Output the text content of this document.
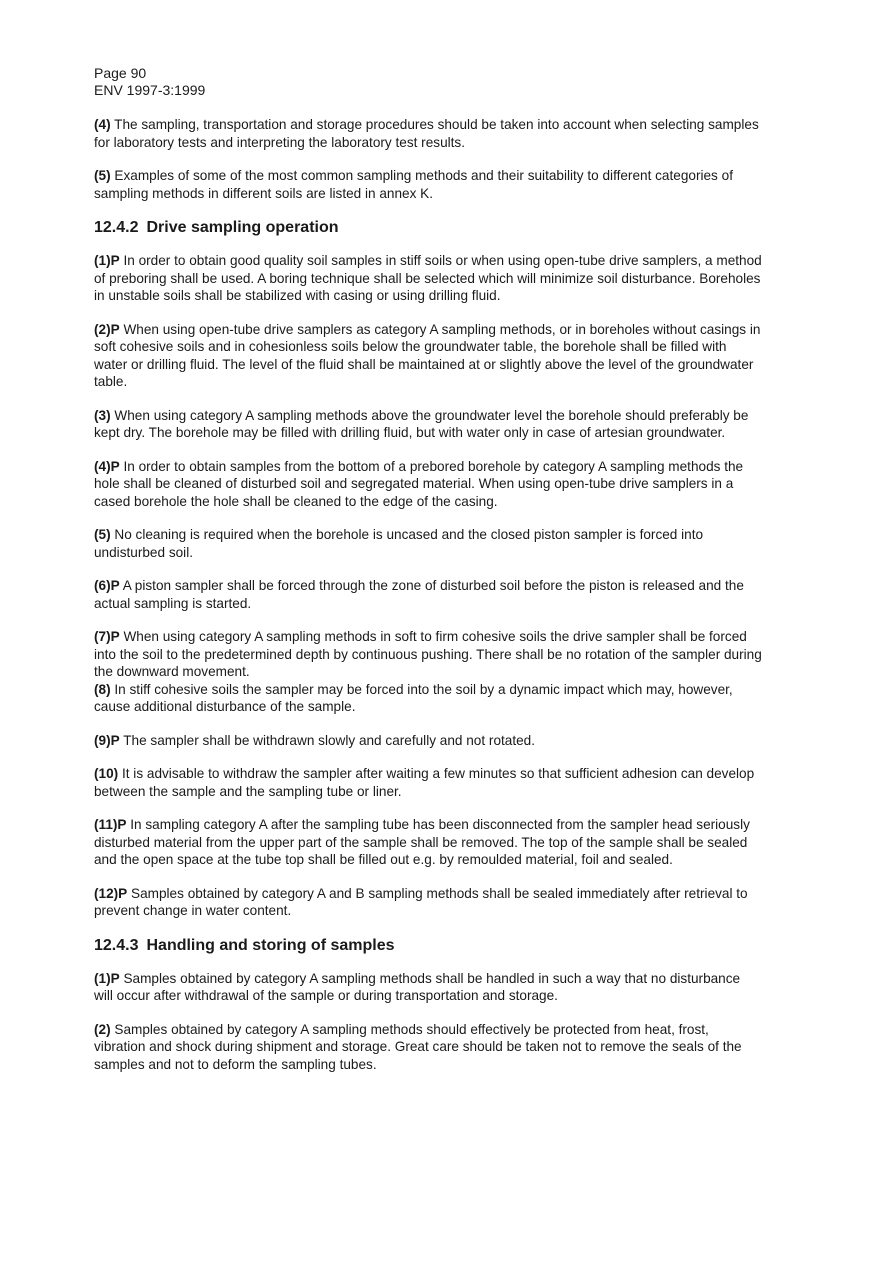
Page 90
ENV 1997-3:1999

(4) The sampling, transportation and storage procedures should be taken into account when selecting samples for laboratory tests and interpreting the laboratory test results.

(5) Examples of some of the most common sampling methods and their suitability to different categories of sampling methods in different soils are listed in annex K.

12.4.2 Drive sampling operation

(1)P In order to obtain good quality soil samples in stiff soils or when using open-tube drive samplers, a method of preboring shall be used. A boring technique shall be selected which will minimize soil disturbance. Boreholes in unstable soils shall be stabilized with casing or using drilling fluid.

(2)P When using open-tube drive samplers as category A sampling methods, or in boreholes without casings in soft cohesive soils and in cohesionless soils below the groundwater table, the borehole shall be filled with water or drilling fluid. The level of the fluid shall be maintained at or slightly above the level of the groundwater table.

(3) When using category A sampling methods above the groundwater level the borehole should preferably be kept dry. The borehole may be filled with drilling fluid, but with water only in case of artesian groundwater.

(4)P In order to obtain samples from the bottom of a prebored borehole by category A sampling methods the hole shall be cleaned of disturbed soil and segregated material. When using open-tube drive samplers in a cased borehole the hole shall be cleaned to the edge of the casing.

(5) No cleaning is required when the borehole is uncased and the closed piston sampler is forced into undisturbed soil.

(6)P A piston sampler shall be forced through the zone of disturbed soil before the piston is released and the actual sampling is started.

(7)P When using category A sampling methods in soft to firm cohesive soils the drive sampler shall be forced into the soil to the predetermined depth by continuous pushing. There shall be no rotation of the sampler during the downward movement.

(8) In stiff cohesive soils the sampler may be forced into the soil by a dynamic impact which may, however, cause additional disturbance of the sample.

(9)P The sampler shall be withdrawn slowly and carefully and not rotated.

(10) It is advisable to withdraw the sampler after waiting a few minutes so that sufficient adhesion can develop between the sample and the sampling tube or liner.

(11)P In sampling category A after the sampling tube has been disconnected from the sampler head seriously disturbed material from the upper part of the sample shall be removed. The top of the sample shall be sealed and the open space at the tube top shall be filled out e.g. by remoulded material, foil and sealed.

(12)P Samples obtained by category A and B sampling methods shall be sealed immediately after retrieval to prevent change in water content.

12.4.3 Handling and storing of samples

(1)P Samples obtained by category A sampling methods shall be handled in such a way that no disturbance will occur after withdrawal of the sample or during transportation and storage.

(2) Samples obtained by category A sampling methods should effectively be protected from heat, frost, vibration and shock during shipment and storage. Great care should be taken not to remove the seals of the samples and not to deform the sampling tubes.
